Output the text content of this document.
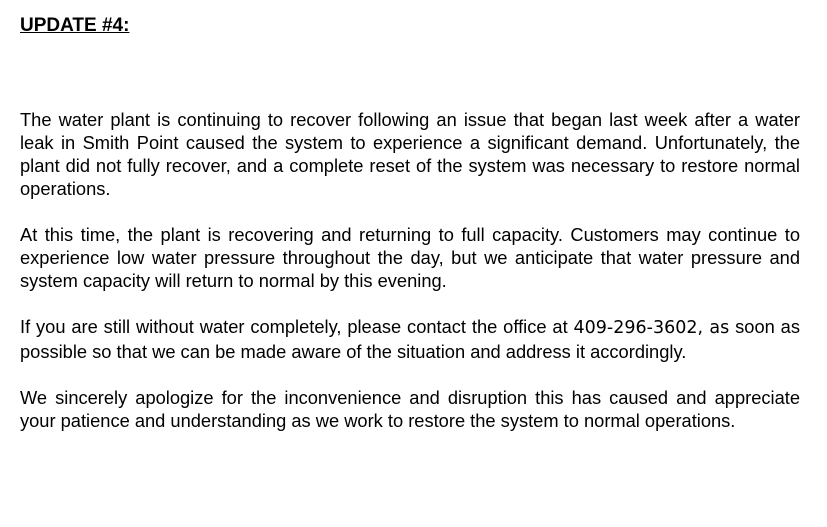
UPDATE #4:
The water plant is continuing to recover following an issue that began last week after a water leak in Smith Point caused the system to experience a significant demand. Unfortunately, the plant did not fully recover, and a complete reset of the system was necessary to restore normal operations.
At this time, the plant is recovering and returning to full capacity. Customers may continue to experience low water pressure throughout the day, but we anticipate that water pressure and system capacity will return to normal by this evening.
If you are still without water completely, please contact the office at 409-296-3602, as soon as possible so that we can be made aware of the situation and address it accordingly.
We sincerely apologize for the inconvenience and disruption this has caused and appreciate your patience and understanding as we work to restore the system to normal operations.
